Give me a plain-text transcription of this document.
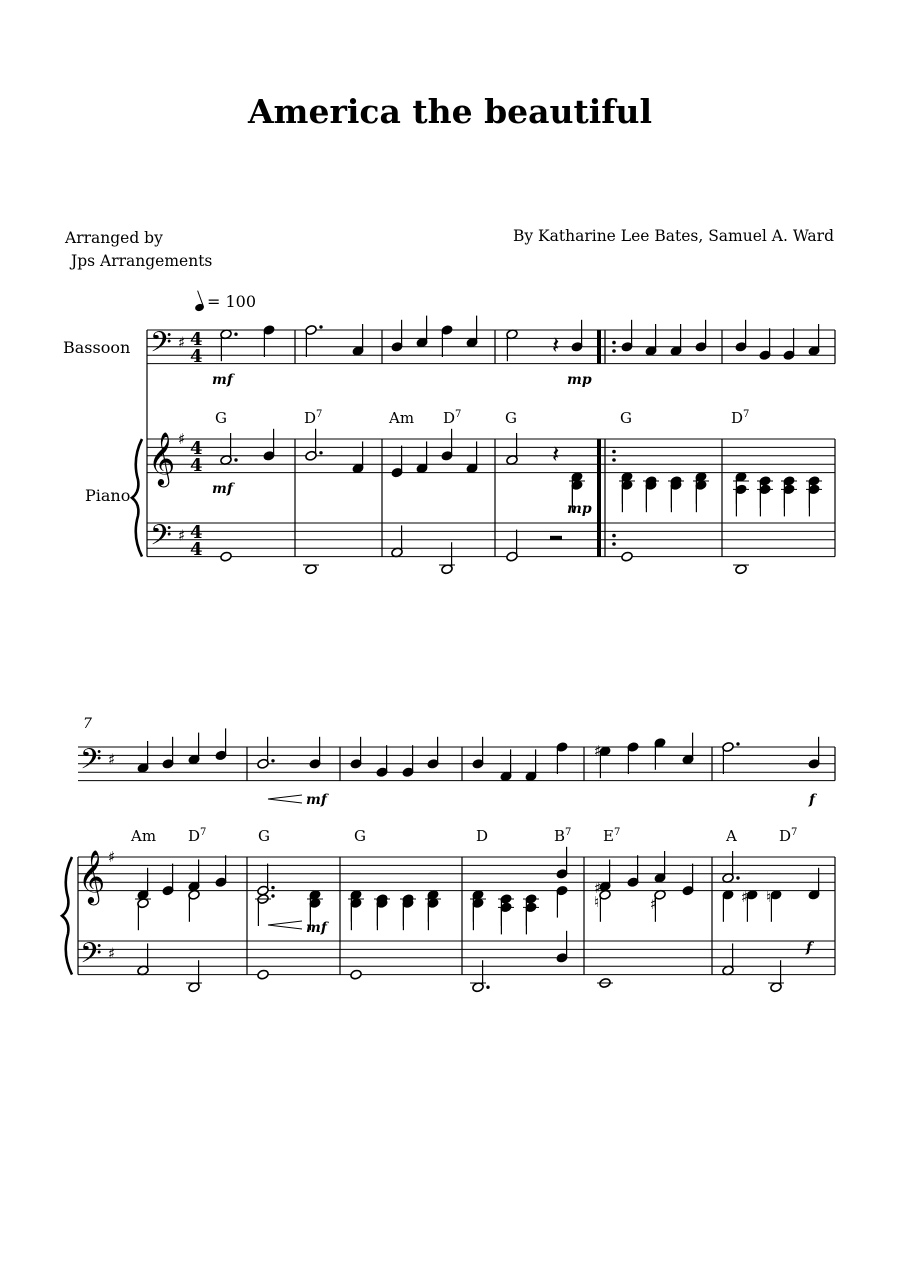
America the beautiful
Arranged by
Jps Arrangements
By Katharine Lee Bates, Samuel A. Ward
= 100
Bassoon
Piano
7
G	$D^7$	Am $D^7$	G	G	$D^7$
Am $D^7$	G	G	D	$B^7$ $E^7$	A	$D^7$
mf	mp
mf
mp
mf	f
mf
f
𝄢 ♯ 4
4
𝄞 ♯ 4
4
𝄢 ♯ 4
4
𝄽
𝄽
𝄢 ♯
𝄞 ♯
𝄢 ♯
♯
♯
♮	♯	♯ ♮
